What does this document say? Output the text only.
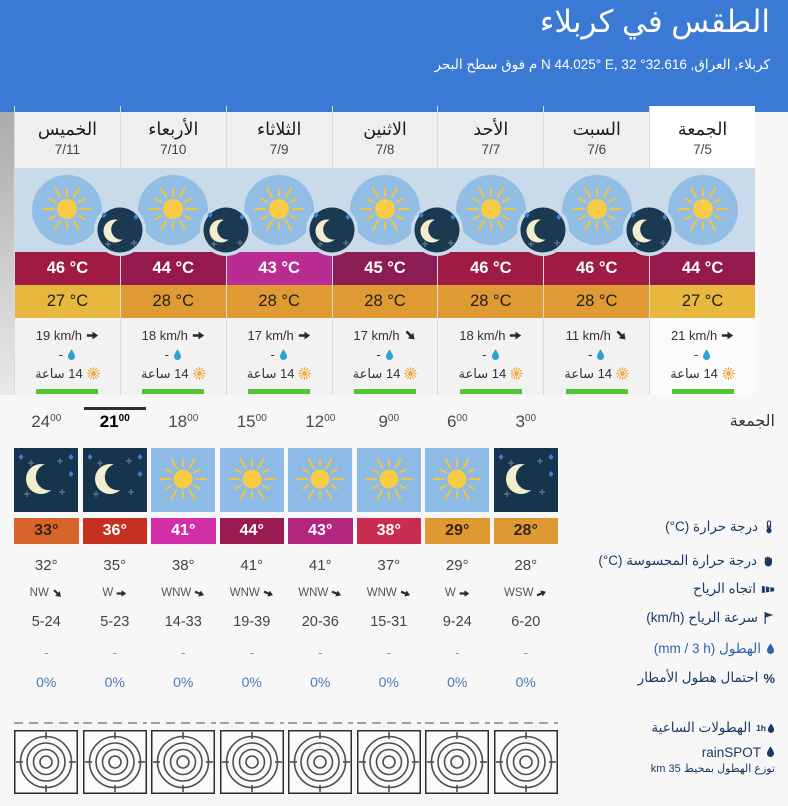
الطقس في كربلاء
كربلاء, العراق, 32.616° N 44.025° E, 32 م فوق سطح البحر
الجمعة
7/5
44 °C
27 °C
21 km/h
-
14 ساعة
السبت
7/6
46 °C
28 °C
11 km/h
-
14 ساعة
الأحد
7/7
46 °C
28 °C
18 km/h
-
14 ساعة
الاثنين
7/8
45 °C
28 °C
17 km/h
-
14 ساعة
الثلاثاء
7/9
43 °C
28 °C
17 km/h
-
14 ساعة
الأربعاء
7/10
44 °C
28 °C
18 km/h
-
14 ساعة
الخميس
7/11
46 °C
27 °C
19 km/h
-
14 ساعة
الجمعة
$24^{00}$
33°
32°
NW
5-24
-
0%
$21^{00}$
36°
35°
W
5-23
-
0%
$18^{00}$
41°
38°
WNW
14-33
-
0%
$15^{00}$
44°
41°
WNW
19-39
-
0%
$12^{00}$
43°
41°
WNW
20-36
-
0%
$9^{00}$
38°
37°
WNW
15-31
-
0%
$6^{00}$
29°
29°
W
9-24
-
0%
$3^{00}$
28°
28°
WSW
6-20
-
0%
درجة حرارة (C°)
درجة حرارة المحسوسة (C°)
اتجاه الرياح
سرعة الرياح (km/h)
الهطول (mm / 3 h)
%
احتمال هطول الأمطار
1h
الهطولات الساعية
rainSPOT
توزع الهطول بمحيط 35 km
